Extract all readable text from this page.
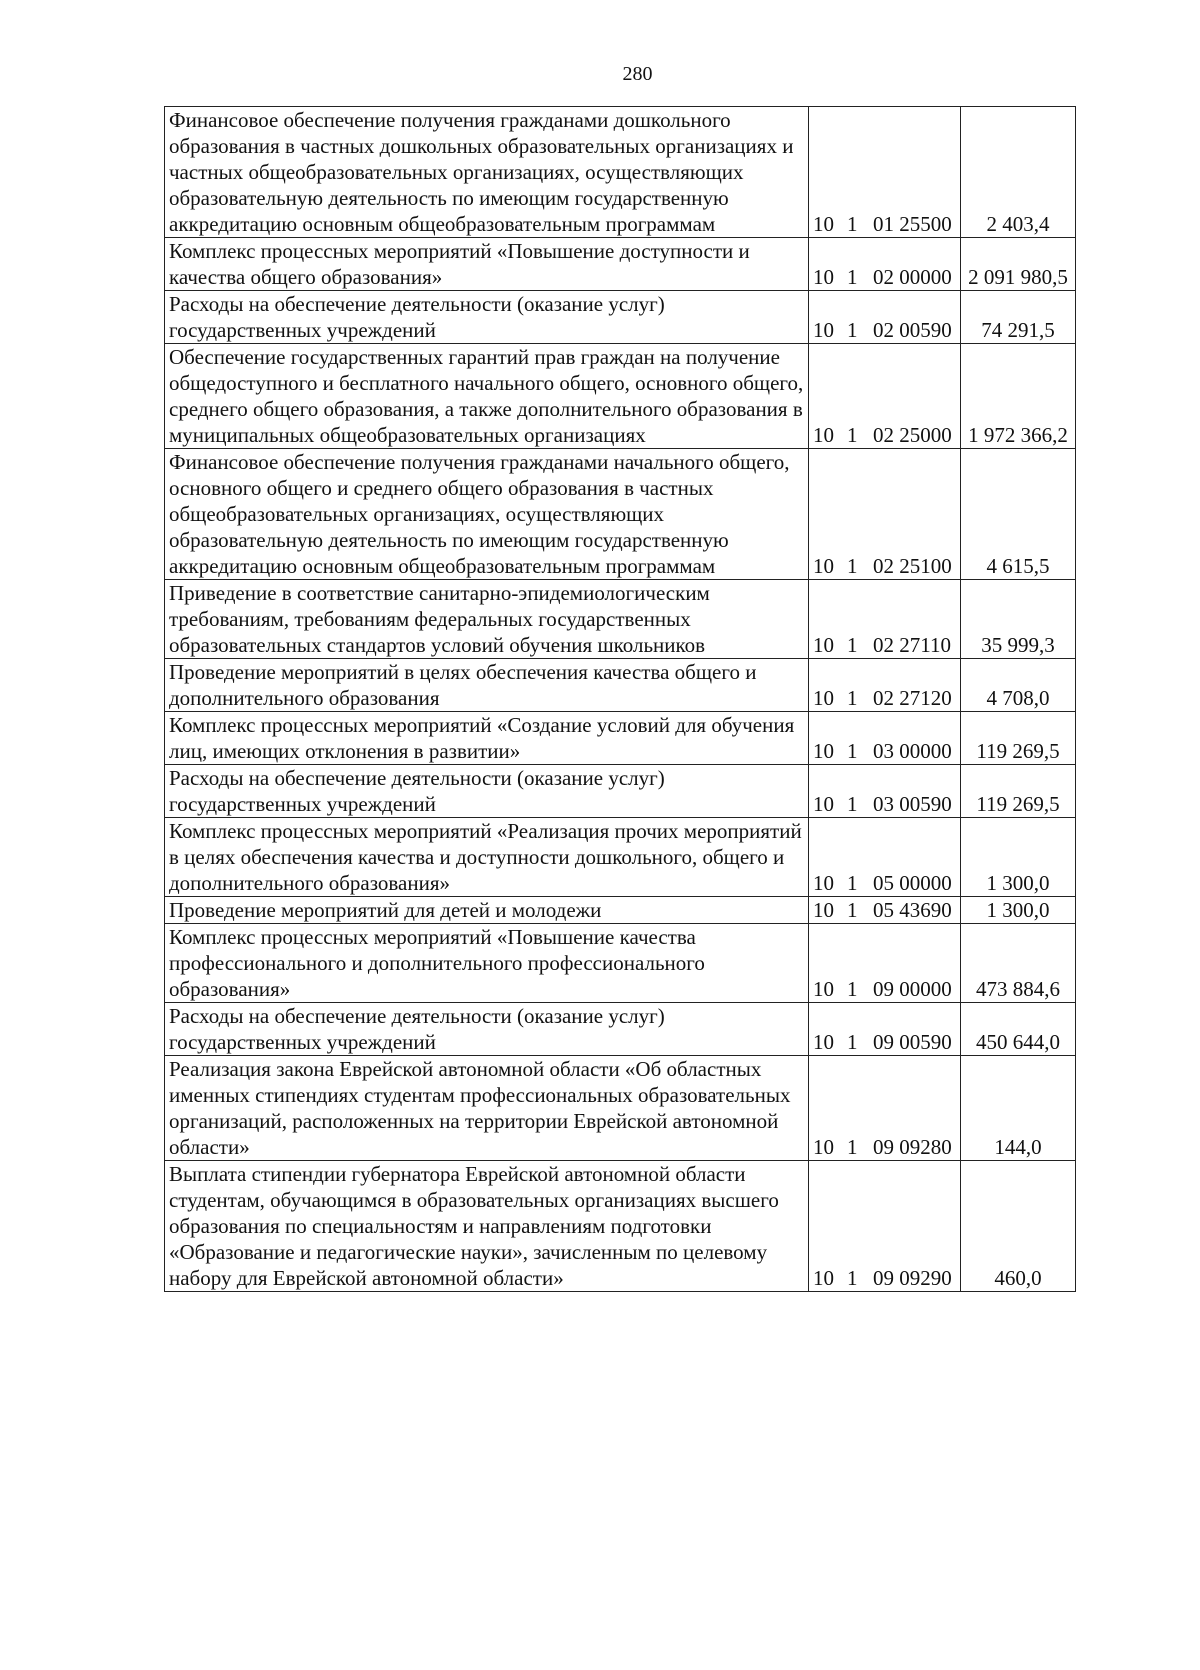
280
Финансовое обеспечение получения гражданами дошкольного образования в частных дошкольных образовательных организациях и частных общеобразовательных организациях, осуществляющих образовательную деятельность по имеющим государственную аккредитацию основным общеобразовательным программам	10 1 01 25500	2 403,4
Комплекс процессных мероприятий «Повышение доступности и качества общего образования»	10 1 02 00000	2 091 980,5
Расходы на обеспечение деятельности (оказание услуг) государственных учреждений	10 1 02 00590	74 291,5
Обеспечение государственных гарантий прав граждан на получение общедоступного и бесплатного начального общего, основного общего, среднего общего образования, а также дополнительного образования в муниципальных общеобразовательных организациях	10 1 02 25000	1 972 366,2
Финансовое обеспечение получения гражданами начального общего, основного общего и среднего общего образования в частных общеобразовательных организациях, осуществляющих образовательную деятельность по имеющим государственную аккредитацию основным общеобразовательным программам	10 1 02 25100	4 615,5
Приведение в соответствие санитарно-эпидемиологическим требованиям, требованиям федеральных государственных образовательных стандартов условий обучения школьников	10 1 02 27110	35 999,3
Проведение мероприятий в целях обеспечения качества общего и дополнительного образования	10 1 02 27120	4 708,0
Комплекс процессных мероприятий «Создание условий для обучения лиц, имеющих отклонения в развитии»	10 1 03 00000	119 269,5
Расходы на обеспечение деятельности (оказание услуг) государственных учреждений	10 1 03 00590	119 269,5
Комплекс процессных мероприятий «Реализация прочих мероприятий в целях обеспечения качества и доступности дошкольного, общего и дополнительного образования»	10 1 05 00000	1 300,0
Проведение мероприятий для детей и молодежи	10 1 05 43690	1 300,0
Комплекс процессных мероприятий «Повышение качества профессионального и дополнительного профессионального образования»	10 1 09 00000	473 884,6
Расходы на обеспечение деятельности (оказание услуг) государственных учреждений	10 1 09 00590	450 644,0
Реализация закона Еврейской автономной области «Об областных именных стипендиях студентам профессиональных образовательных организаций, расположенных на территории Еврейской автономной области»	10 1 09 09280	144,0
Выплата стипендии губернатора Еврейской автономной области студентам, обучающимся в образовательных организациях высшего образования по специальностям и направлениям подготовки «Образование и педагогические науки», зачисленным по целевому набору для Еврейской автономной области»	10 1 09 09290	460,0
